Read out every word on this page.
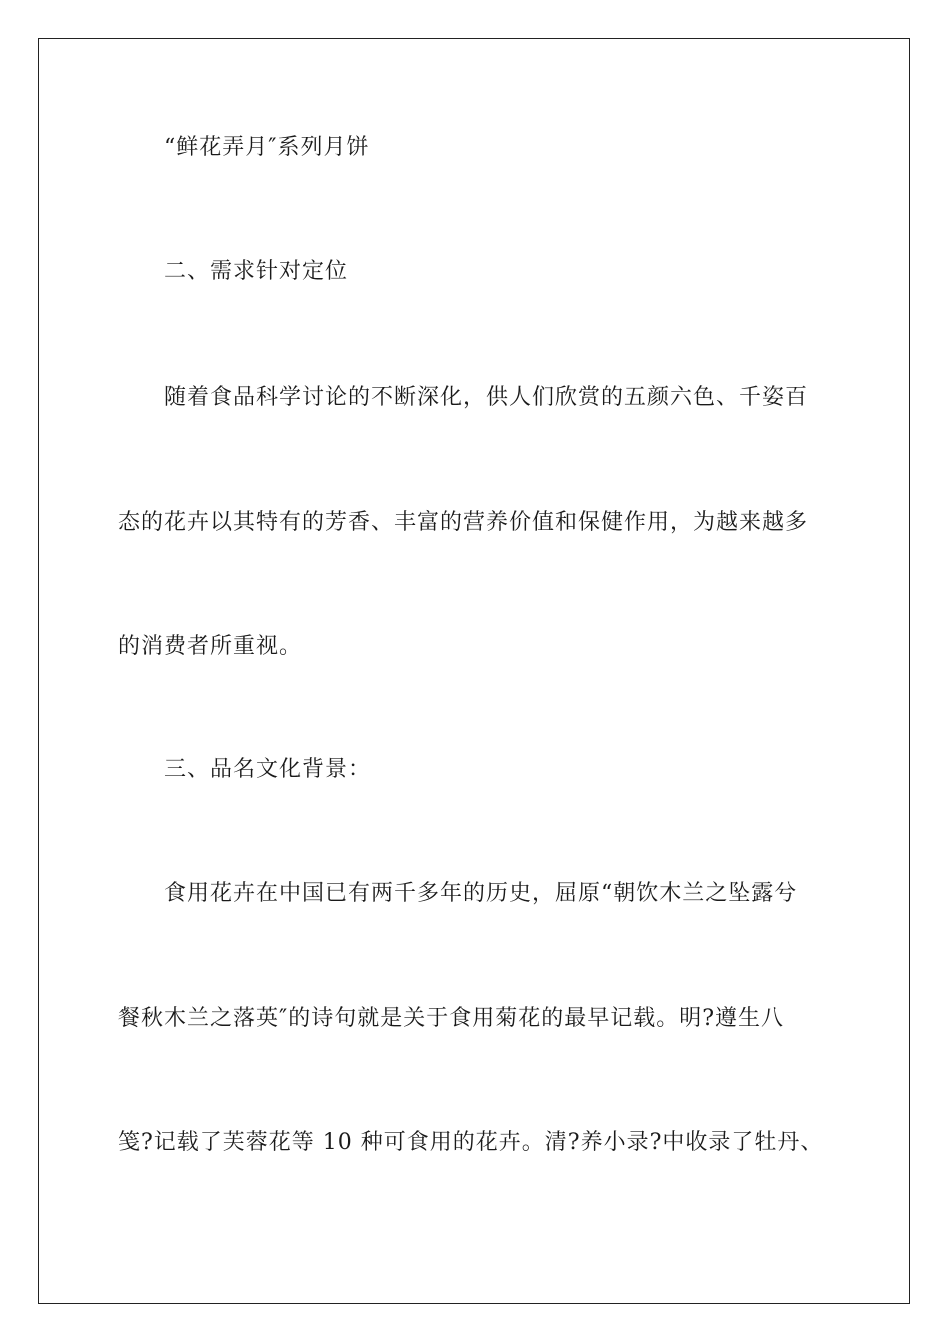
“鲜花弄月″系列月饼
二、需求针对定位
随着食品科学讨论的不断深化，供人们欣赏的五颜六色、千姿百
态的花卉以其特有的芳香、丰富的营养价值和保健作用，为越来越多
的消费者所重视。
三、品名文化背景：
食用花卉在中国已有两千多年的历史，屈原“朝饮木兰之坠露兮
餐秋木兰之落英″的诗句就是关于食用菊花的最早记载。明?遵生八
笺?记载了芙蓉花等 10 种可食用的花卉。清?养小录?中收录了牡丹、
